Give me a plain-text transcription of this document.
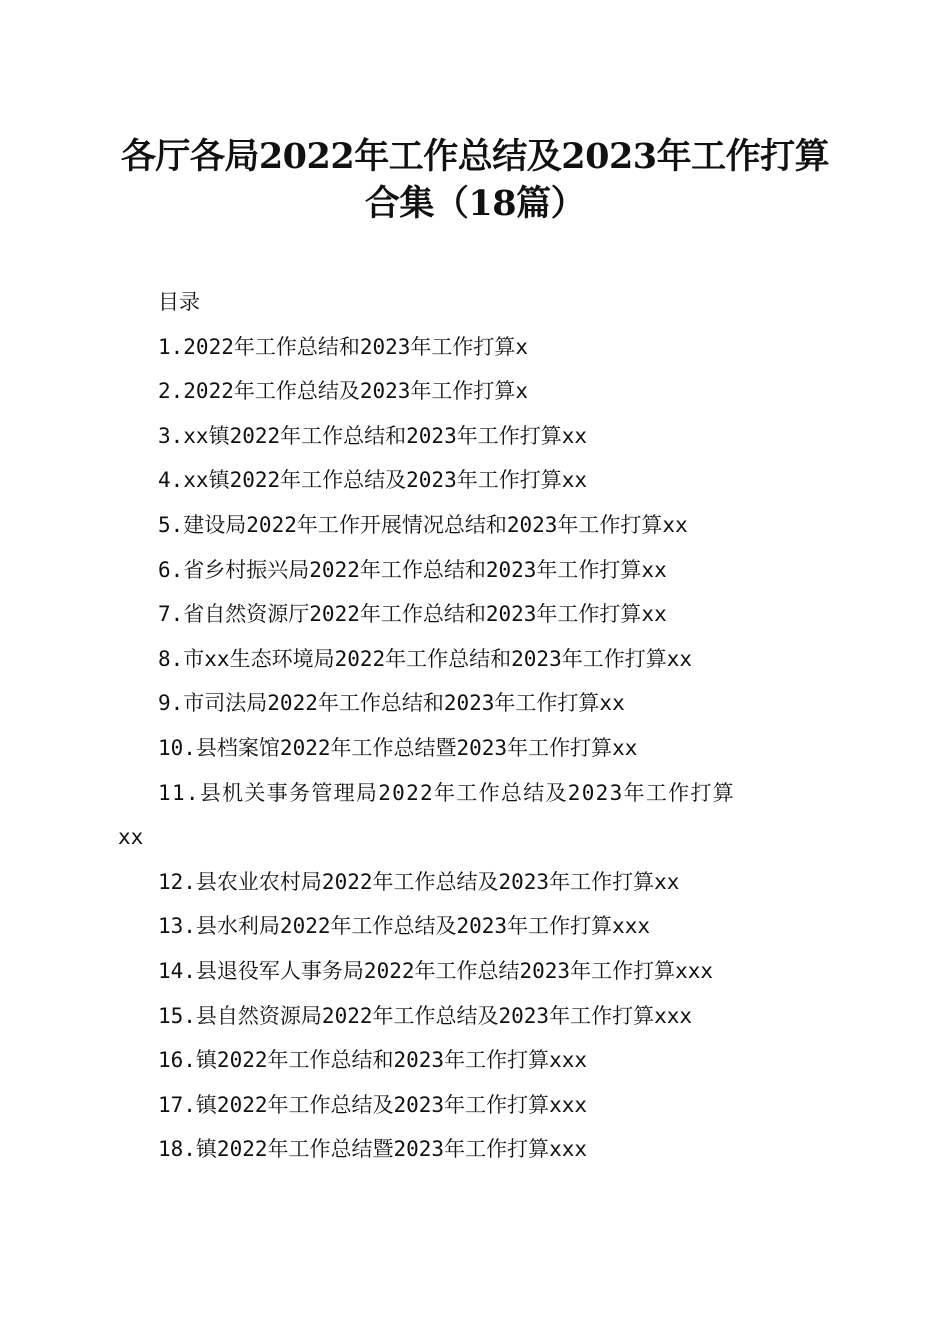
各厅各局2022年工作总结及2023年工作打算
合集（18篇）
目录
1.2022年工作总结和2023年工作打算x
2.2022年工作总结及2023年工作打算x
3.xx镇2022年工作总结和2023年工作打算xx
4.xx镇2022年工作总结及2023年工作打算xx
5.建设局2022年工作开展情况总结和2023年工作打算xx
6.省乡村振兴局2022年工作总结和2023年工作打算xx
7.省自然资源厅2022年工作总结和2023年工作打算xx
8.市xx生态环境局2022年工作总结和2023年工作打算xx
9.市司法局2022年工作总结和2023年工作打算xx
10.县档案馆2022年工作总结暨2023年工作打算xx
11.县机关事务管理局2022年工作总结及2023年工作打算
xx
12.县农业农村局2022年工作总结及2023年工作打算xx
13.县水利局2022年工作总结及2023年工作打算xxx
14.县退役军人事务局2022年工作总结2023年工作打算xxx
15.县自然资源局2022年工作总结及2023年工作打算xxx
16.镇2022年工作总结和2023年工作打算xxx
17.镇2022年工作总结及2023年工作打算xxx
18.镇2022年工作总结暨2023年工作打算xxx
